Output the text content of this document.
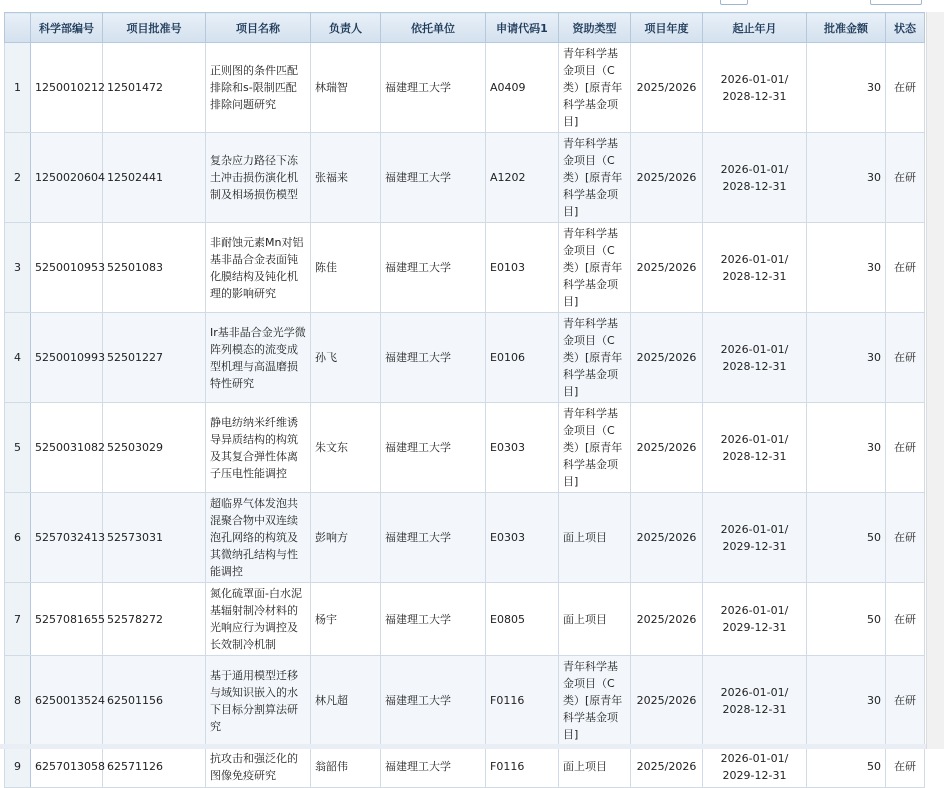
	科学部编号	项目批准号	项目名称	负责人	依托单位	申请代码1	资助类型	项目年度	起止年月	批准金额	状态
1	1250010212	12501472	正则图的条件匹配排除和s-限制匹配排除问题研究	林瑞智	福建理工大学	A0409	青年科学基金项目（C类）[原青年科学基金项目]	2025/2026	2026-01-01/ 2028-12-31	30	在研
2	1250020604	12502441	复杂应力路径下冻土冲击损伤演化机制及相场损伤模型	张福来	福建理工大学	A1202	青年科学基金项目（C类）[原青年科学基金项目]	2025/2026	2026-01-01/ 2028-12-31	30	在研
3	5250010953	52501083	非耐蚀元素Mn对铝基非晶合金表面钝化膜结构及钝化机理的影响研究	陈佳	福建理工大学	E0103	青年科学基金项目（C类）[原青年科学基金项目]	2025/2026	2026-01-01/ 2028-12-31	30	在研
4	5250010993	52501227	Ir基非晶合金光学微阵列模态的流变成型机理与高温磨损特性研究	孙飞	福建理工大学	E0106	青年科学基金项目（C类）[原青年科学基金项目]	2025/2026	2026-01-01/ 2028-12-31	30	在研
5	5250031082	52503029	静电纺纳米纤维诱导异质结构的构筑及其复合弹性体离子压电性能调控	朱文东	福建理工大学	E0303	青年科学基金项目（C类）[原青年科学基金项目]	2025/2026	2026-01-01/ 2028-12-31	30	在研
6	5257032413	52573031	超临界气体发泡共混聚合物中双连续泡孔网络的构筑及其微纳孔结构与性能调控	彭响方	福建理工大学	E0303	面上项目	2025/2026	2026-01-01/ 2029-12-31	50	在研
7	5257081655	52578272	氮化硫罩面-白水泥基辐射制冷材料的光响应行为调控及长效制冷机制	杨宇	福建理工大学	E0805	面上项目	2025/2026	2026-01-01/ 2029-12-31	50	在研
8	6250013524	62501156	基于通用模型迁移与域知识嵌入的水下目标分割算法研究	林凡超	福建理工大学	F0116	青年科学基金项目（C类）[原青年科学基金项目]	2025/2026	2026-01-01/ 2028-12-31	30	在研
9	6257013058	62571126	抗攻击和强泛化的图像免疫研究	翁韶伟	福建理工大学	F0116	面上项目	2025/2026	2026-01-01/ 2029-12-31	50	在研
